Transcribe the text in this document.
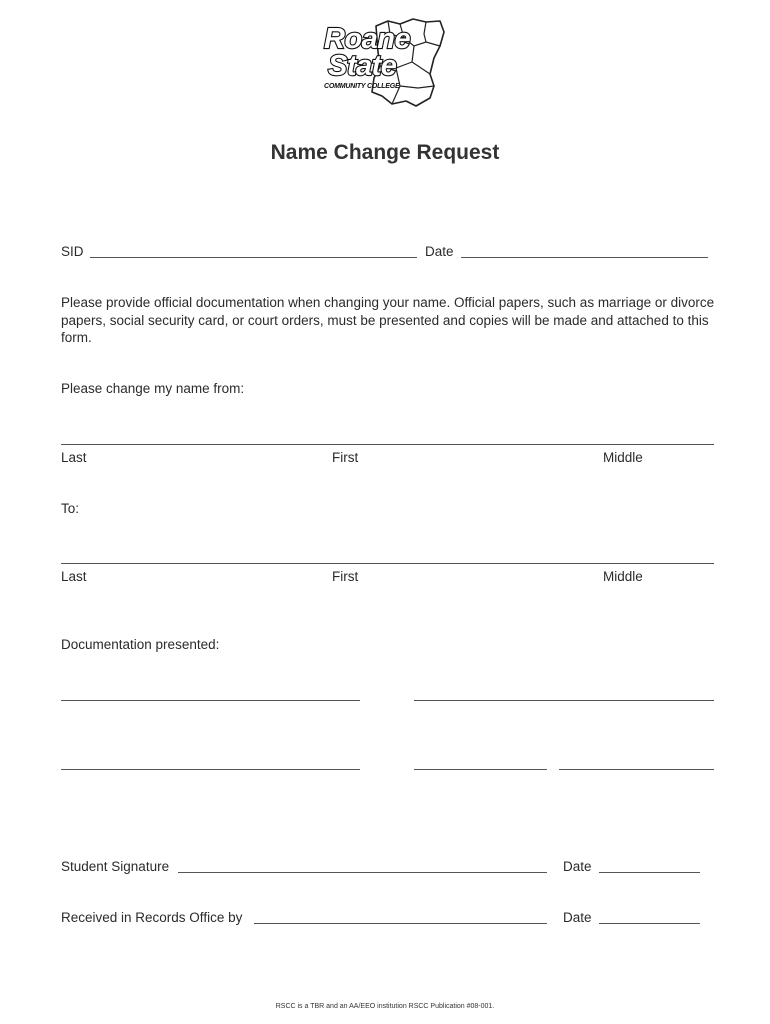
Roane
State
COMMUNITY COLLEGE
Name Change Request
SID	Date
Please provide official documentation when changing your name. Official papers, such as marriage or divorce papers, social security card, or court orders, must be presented and copies will be made and attached to this form.
Please change my name from:
Last	First	Middle
To:
Last	First	Middle
Documentation presented:
Student Signature	Date
Received in Records Office by	Date
RSCC is a TBR and an AA/EEO institution RSCC Publication #08-001.
